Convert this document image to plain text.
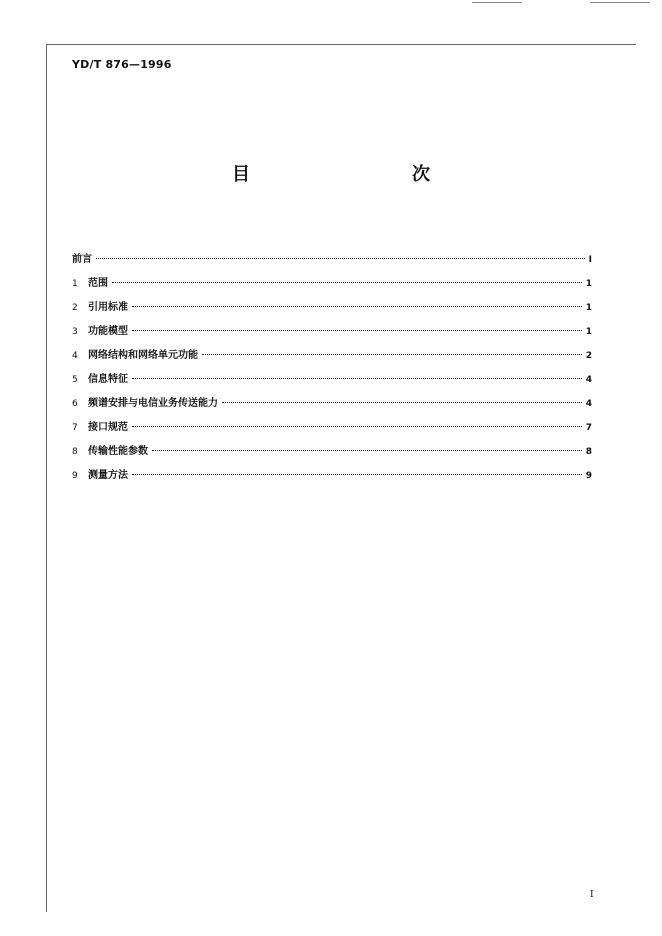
YD/T 876—1996
目　　次
前言	Ⅰ
1	范围	1
2	引用标准	1
3	功能模型	1
4	网络结构和网络单元功能	2
5	信息特征	4
6	频谱安排与电信业务传送能力	4
7	接口规范	7
8	传输性能参数	8
9	测量方法	9
Ⅰ
